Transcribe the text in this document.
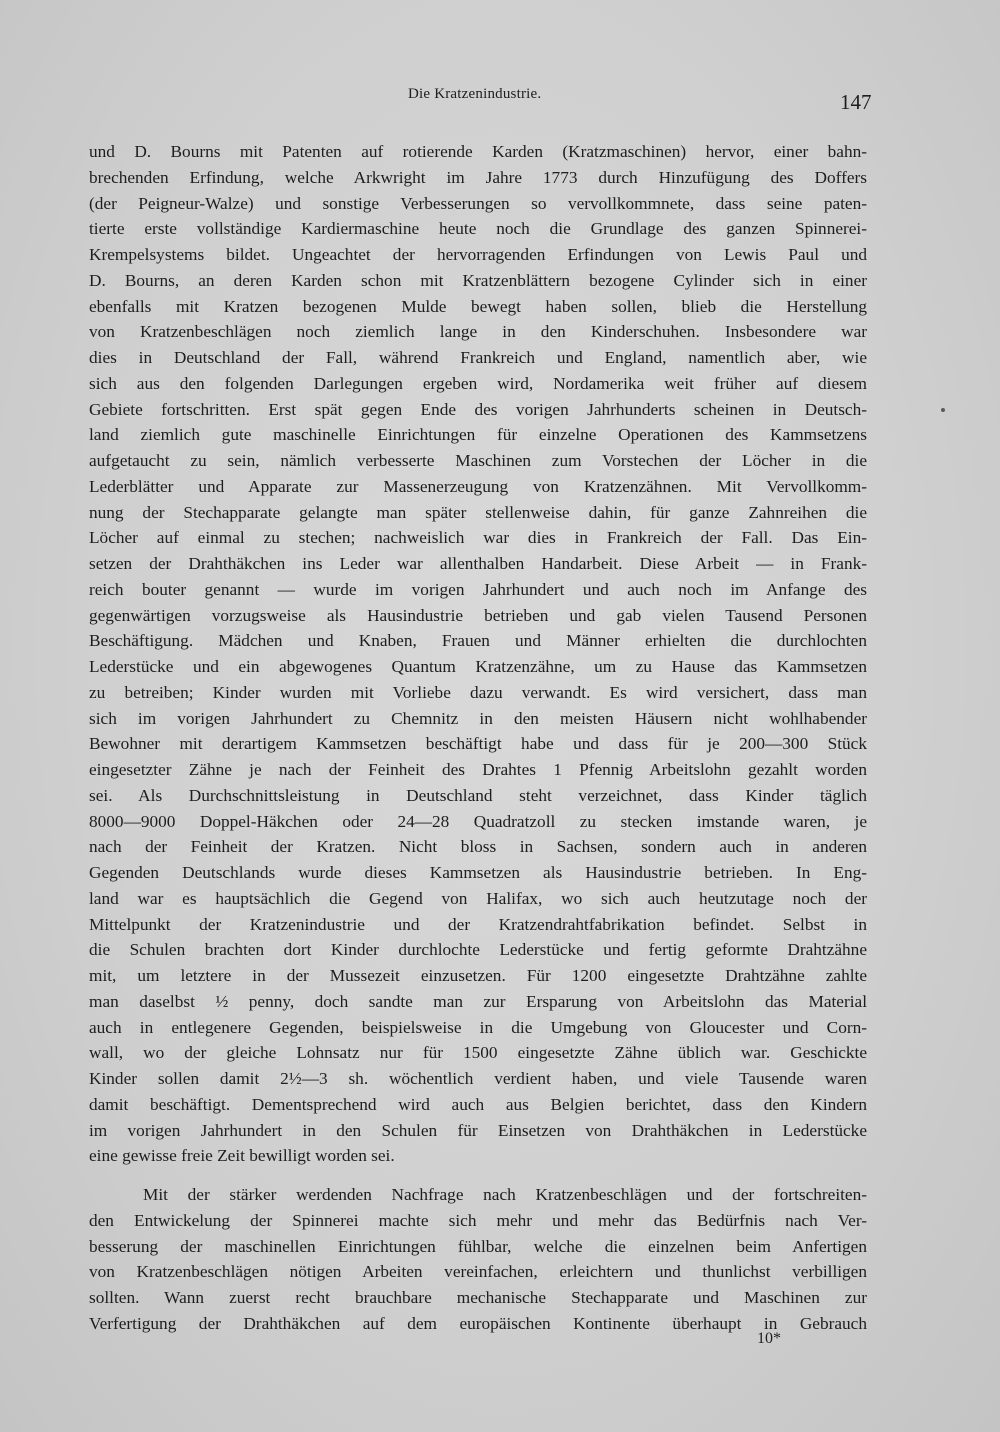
Die Kratzenindustrie.	147
und D. Bourns mit Patenten auf rotierende Karden (Kratzmaschinen) hervor, einer bahn-
brechenden Erfindung, welche Arkwright im Jahre 1773 durch Hinzufügung des Doffers
(der Peigneur-Walze) und sonstige Verbesserungen so vervollkommnete, dass seine paten-
tierte erste vollständige Kardiermaschine heute noch die Grundlage des ganzen Spinnerei-
Krempelsystems bildet. Ungeachtet der hervorragenden Erfindungen von Lewis Paul und
D. Bourns, an deren Karden schon mit Kratzenblättern bezogene Cylinder sich in einer
ebenfalls mit Kratzen bezogenen Mulde bewegt haben sollen, blieb die Herstellung
von Kratzenbeschlägen noch ziemlich lange in den Kinderschuhen. Insbesondere war
dies in Deutschland der Fall, während Frankreich und England, namentlich aber, wie
sich aus den folgenden Darlegungen ergeben wird, Nordamerika weit früher auf diesem
Gebiete fortschritten. Erst spät gegen Ende des vorigen Jahrhunderts scheinen in Deutsch-
land ziemlich gute maschinelle Einrichtungen für einzelne Operationen des Kammsetzens
aufgetaucht zu sein, nämlich verbesserte Maschinen zum Vorstechen der Löcher in die
Lederblätter und Apparate zur Massenerzeugung von Kratzenzähnen. Mit Vervollkomm-
nung der Stechapparate gelangte man später stellenweise dahin, für ganze Zahnreihen die
Löcher auf einmal zu stechen; nachweislich war dies in Frankreich der Fall. Das Ein-
setzen der Drahthäkchen ins Leder war allenthalben Handarbeit. Diese Arbeit — in Frank-
reich bouter genannt — wurde im vorigen Jahrhundert und auch noch im Anfange des
gegenwärtigen vorzugsweise als Hausindustrie betrieben und gab vielen Tausend Personen
Beschäftigung. Mädchen und Knaben, Frauen und Männer erhielten die durchlochten
Lederstücke und ein abgewogenes Quantum Kratzenzähne, um zu Hause das Kammsetzen
zu betreiben; Kinder wurden mit Vorliebe dazu verwandt. Es wird versichert, dass man
sich im vorigen Jahrhundert zu Chemnitz in den meisten Häusern nicht wohlhabender
Bewohner mit derartigem Kammsetzen beschäftigt habe und dass für je 200—300 Stück
eingesetzter Zähne je nach der Feinheit des Drahtes 1 Pfennig Arbeitslohn gezahlt worden
sei. Als Durchschnittsleistung in Deutschland steht verzeichnet, dass Kinder täglich
8000—9000 Doppel-Häkchen oder 24—28 Quadratzoll zu stecken imstande waren, je
nach der Feinheit der Kratzen. Nicht bloss in Sachsen, sondern auch in anderen
Gegenden Deutschlands wurde dieses Kammsetzen als Hausindustrie betrieben. In Eng-
land war es hauptsächlich die Gegend von Halifax, wo sich auch heutzutage noch der
Mittelpunkt der Kratzenindustrie und der Kratzendrahtfabrikation befindet. Selbst in
die Schulen brachten dort Kinder durchlochte Lederstücke und fertig geformte Drahtzähne
mit, um letztere in der Mussezeit einzusetzen. Für 1200 eingesetzte Drahtzähne zahlte
man daselbst ½ penny, doch sandte man zur Ersparung von Arbeitslohn das Material
auch in entlegenere Gegenden, beispielsweise in die Umgebung von Gloucester und Corn-
wall, wo der gleiche Lohnsatz nur für 1500 eingesetzte Zähne üblich war. Geschickte
Kinder sollen damit 2½—3 sh. wöchentlich verdient haben, und viele Tausende waren
damit beschäftigt. Dementsprechend wird auch aus Belgien berichtet, dass den Kindern
im vorigen Jahrhundert in den Schulen für Einsetzen von Drahthäkchen in Lederstücke
eine gewisse freie Zeit bewilligt worden sei.
Mit der stärker werdenden Nachfrage nach Kratzenbeschlägen und der fortschreiten-
den Entwickelung der Spinnerei machte sich mehr und mehr das Bedürfnis nach Ver-
besserung der maschinellen Einrichtungen fühlbar, welche die einzelnen beim Anfertigen
von Kratzenbeschlägen nötigen Arbeiten vereinfachen, erleichtern und thunlichst verbilligen
sollten. Wann zuerst recht brauchbare mechanische Stechapparate und Maschinen zur
Verfertigung der Drahthäkchen auf dem europäischen Kontinente überhaupt in Gebrauch
10*
